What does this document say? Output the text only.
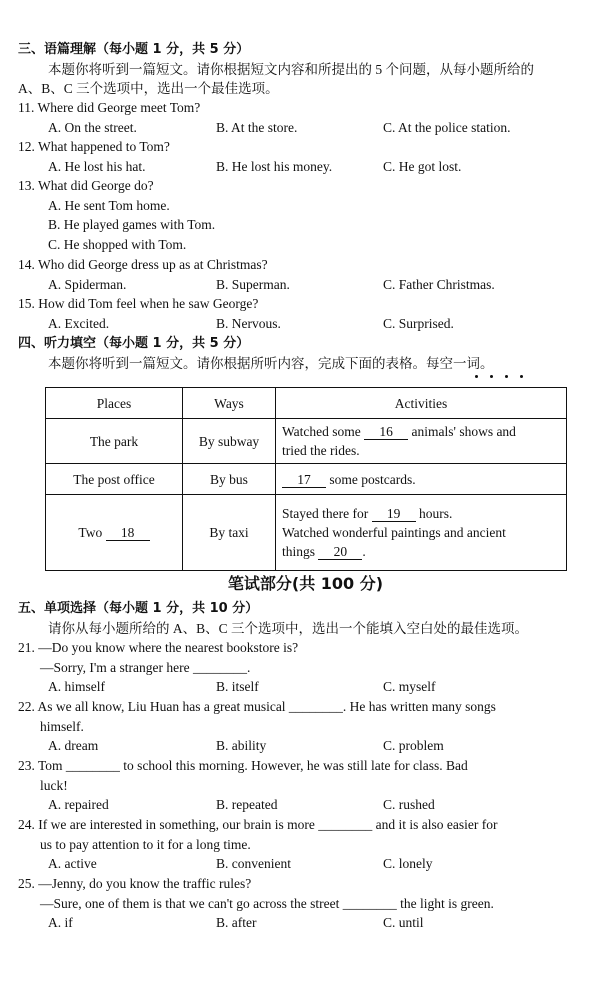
三、语篇理解（每小题 1 分，共 5 分）
本题你将听到一篇短文。请你根据短文内容和所提出的 5 个问题，从每小题所给的
A、B、C 三个选项中，选出一个最佳选项。
11. Where did George meet Tom?
A. On the street.	B. At the store.	C. At the police station.
12. What happened to Tom?
A. He lost his hat.	B. He lost his money.	C. He got lost.
13. What did George do?
A. He sent Tom home.
B. He played games with Tom.
C. He shopped with Tom.
14. Who did George dress up as at Christmas?
A. Spiderman.	B. Superman.	C. Father Christmas.
15. How did Tom feel when he saw George?
A. Excited.	B. Nervous.	C. Surprised.
四、听力填空（每小题 1 分，共 5 分）
本题你将听到一篇短文。请你根据所听内容，完成下面的表格。每空一词。
Places	Ways	Activities
The park	By subway	Watched some 16 animals' shows and
tried the rides.
The post office	By bus	17 some postcards.
Two 18	By taxi	Stayed there for 19 hours.
Watched wonderful paintings and ancient
things 20 .
笔试部分(共 100 分)
五、单项选择（每小题 1 分，共 10 分）
请你从每小题所给的 A、B、C 三个选项中，选出一个能填入空白处的最佳选项。
21. —Do you know where the nearest bookstore is?
—Sorry, I'm a stranger here ________.
A. himself	B. itself	C. myself
22. As we all know, Liu Huan has a great musical ________. He has written many songs
himself.
A. dream	B. ability	C. problem
23. Tom ________ to school this morning. However, he was still late for class. Bad
luck!
A. repaired	B. repeated	C. rushed
24. If we are interested in something, our brain is more ________ and it is also easier for
us to pay attention to it for a long time.
A. active	B. convenient	C. lonely
25. —Jenny, do you know the traffic rules?
—Sure, one of them is that we can't go across the street ________ the light is green.
A. if	B. after	C. until
